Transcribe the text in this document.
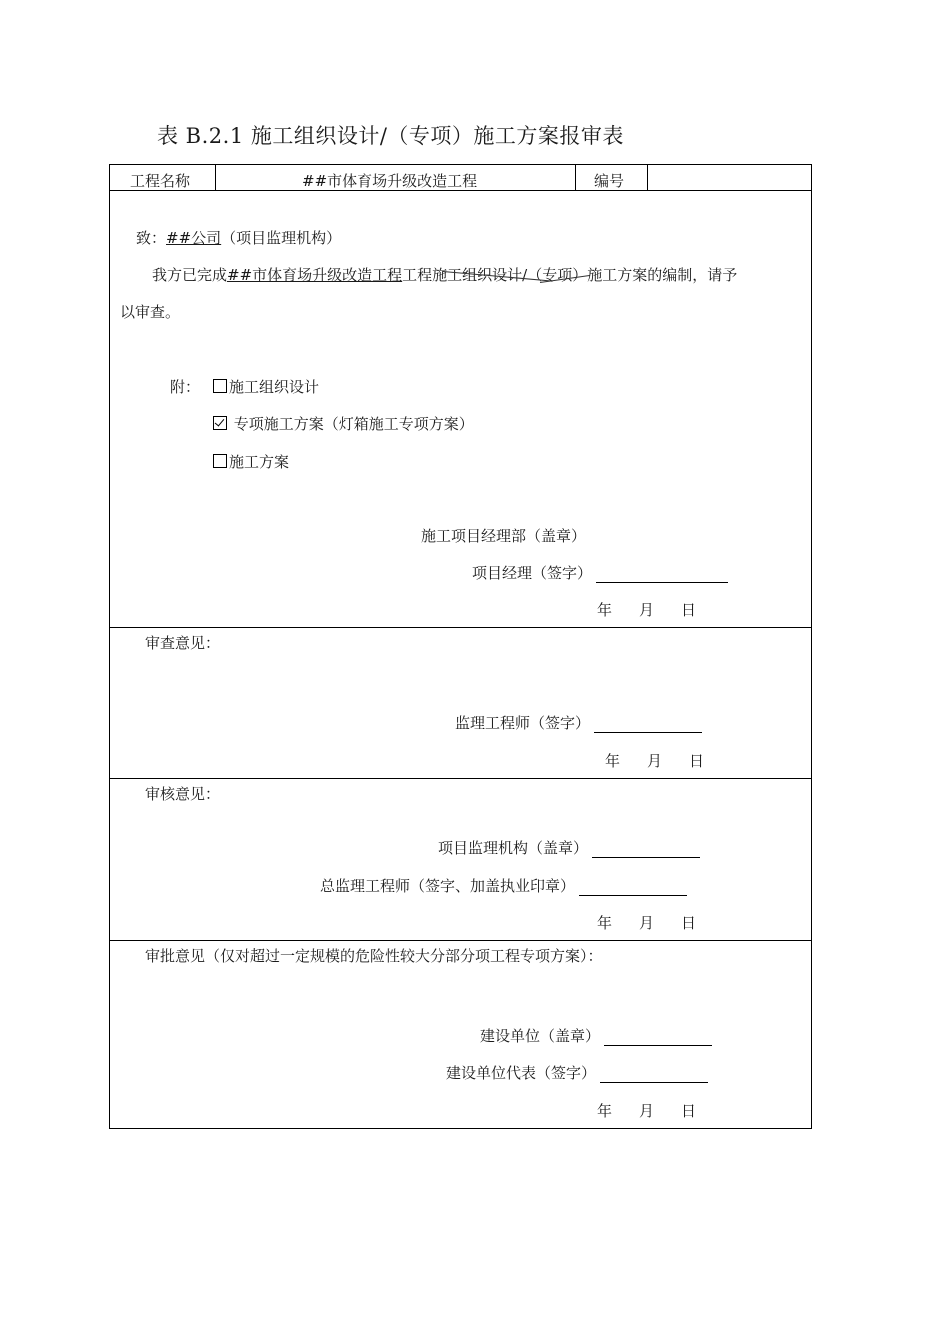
表 B.2.1 施工组织设计/（专项）施工方案报审表
工程名称	##市体育场升级改造工程	编号
致：##公司（项目监理机构）
我方已完成##市体育场升级改造工程工程施工组织设计/（专项）施工方案的编制，请予
以审查。
附：	施工组织设计
专项施工方案（灯箱施工专项方案）
施工方案
施工项目经理部（盖章）
项目经理（签字）
年 月 日
审查意见：
监理工程师（签字）
年 月 日
审核意见：
项目监理机构（盖章）
总监理工程师（签字、加盖执业印章）
年 月 日
审批意见（仅对超过一定规模的危险性较大分部分项工程专项方案）：
建设单位（盖章）
建设单位代表（签字）
年 月 日
